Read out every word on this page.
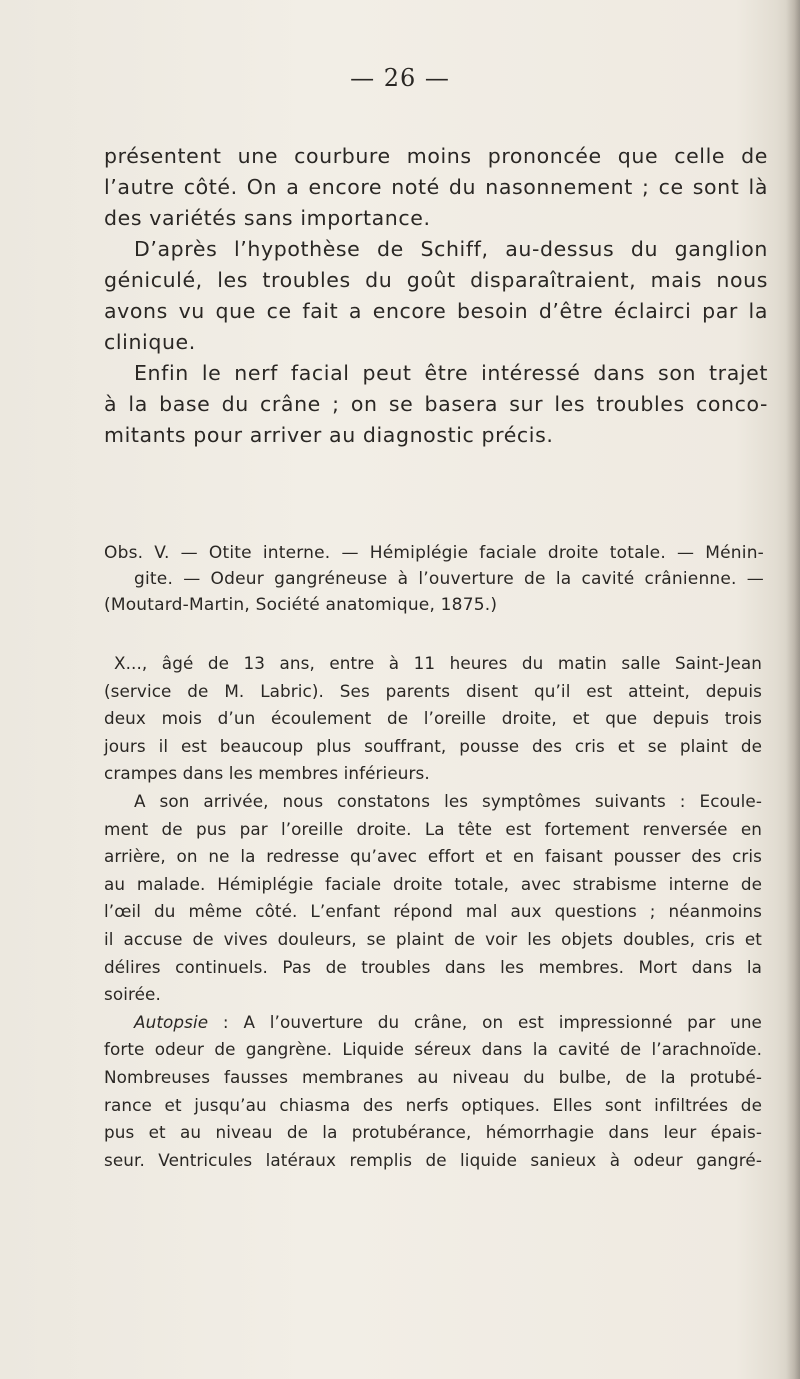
— 26 —
présentent une courbure moins prononcée que celle de
l’autre côté. On a encore noté du nasonnement ; ce sont là
des variétés sans importance.
D’après l’hypothèse de Schiff, au-dessus du ganglion
géniculé, les troubles du goût disparaîtraient, mais nous
avons vu que ce fait a encore besoin d’être éclairci par la
clinique.
Enfin le nerf facial peut être intéressé dans son trajet
à la base du crâne ; on se basera sur les troubles conco-
mitants pour arriver au diagnostic précis.
Obs. V. — Otite interne. — Hémiplégie faciale droite totale. — Ménin-
gite. — Odeur gangréneuse à l’ouverture de la cavité crânienne. —
(Moutard-Martin, Société anatomique, 1875.)
X..., âgé de 13 ans, entre à 11 heures du matin salle Saint-Jean
(service de M. Labric). Ses parents disent qu’il est atteint, depuis
deux mois d’un écoulement de l’oreille droite, et que depuis trois
jours il est beaucoup plus souffrant, pousse des cris et se plaint de
crampes dans les membres inférieurs.
A son arrivée, nous constatons les symptômes suivants : Ecoule-
ment de pus par l’oreille droite. La tête est fortement renversée en
arrière, on ne la redresse qu’avec effort et en faisant pousser des cris
au malade. Hémiplégie faciale droite totale, avec strabisme interne de
l’œil du même côté. L’enfant répond mal aux questions ; néanmoins
il accuse de vives douleurs, se plaint de voir les objets doubles, cris et
délires continuels. Pas de troubles dans les membres. Mort dans la
soirée.
Autopsie : A l’ouverture du crâne, on est impressionné par une
forte odeur de gangrène. Liquide séreux dans la cavité de l’arachnoïde.
Nombreuses fausses membranes au niveau du bulbe, de la protubé-
rance et jusqu’au chiasma des nerfs optiques. Elles sont infiltrées de
pus et au niveau de la protubérance, hémorrhagie dans leur épais-
seur. Ventricules latéraux remplis de liquide sanieux à odeur gangré-
